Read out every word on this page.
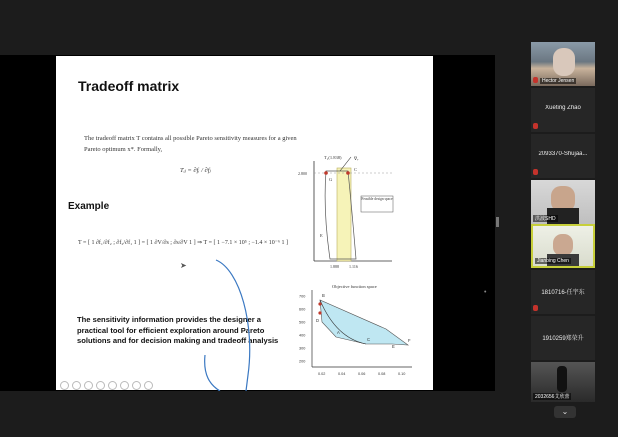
Tradeoff matrix
The tradeoff matrix T contains all possible Pareto sensitivity measures for a given Pareto optimum x*. Formally,
Tᵢⱼ = ∂fᵢ / ∂fⱼ
Example
T = [ 1 ∂f₁/∂f₂ ; ∂f₂/∂f₁ 1 ] = [ 1 ∂V/∂s ; ∂s/∂V 1 ] ⇒ T = [ 1 −7.1 × 10⁵ ; −1.4 × 10⁻⁶ 1 ]
The sensitivity information provides the designer a practical tool for efficient exploration around Pareto solutions and for decision making and tradeoff analysis
Feasible design space
T₁(1.838)	∇ᵥ
2.800
1.888	1.116
C
G
E
Objective function space
700
600
500
400
300
200
0.02	0.04	0.06	0.08	0.10
B
D
A
C
E
F
➤
•
Hector Jensen
Xueting Zhao
2093370-Shujaa...
洪波SHD
Jianbing Chen
1810716-任宇东
1910259郑荣升
2032656艾欣蕾
⌄
